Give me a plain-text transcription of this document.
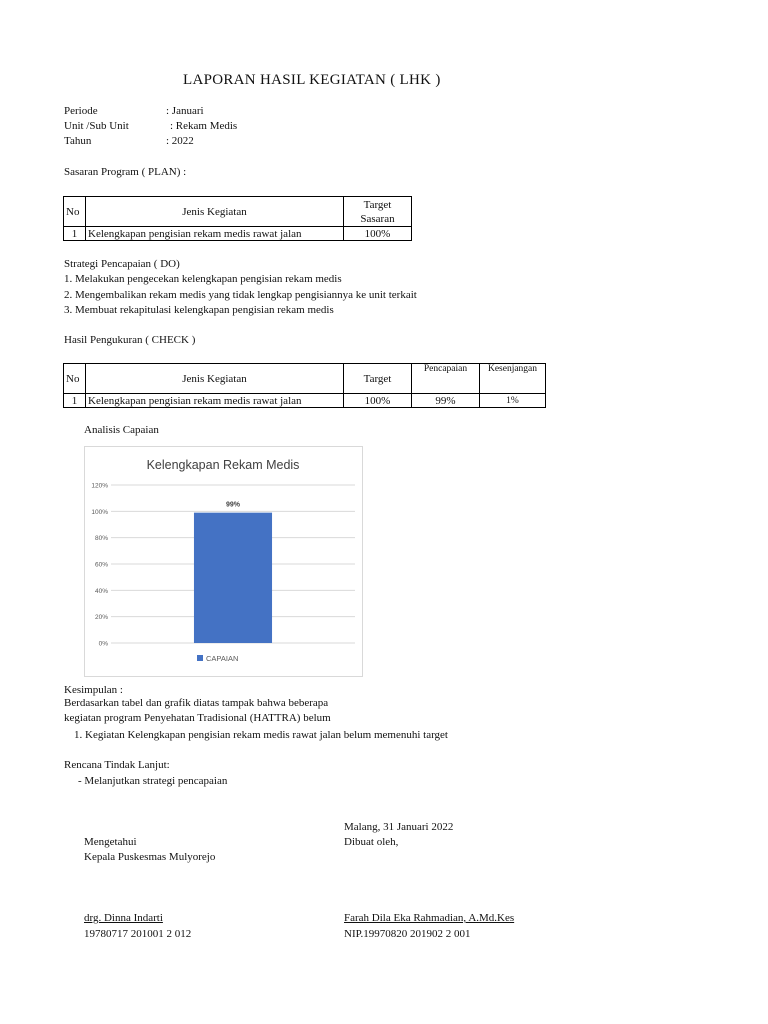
LAPORAN HASIL KEGIATAN ( LHK )
Periode	: Januari
Unit /Sub Unit	: Rekam Medis
Tahun	: 2022
Sasaran Program ( PLAN) :
No	Jenis Kegiatan	Target
Sasaran

1	Kelengkapan pengisian rekam medis rawat jalan	100%
Strategi Pencapaian ( DO)
1. Melakukan pengecekan kelengkapan pengisian rekam medis
2. Mengembalikan rekam medis yang tidak lengkap pengisiannya ke unit terkait
3. Membuat rekapitulasi kelengkapan pengisian rekam medis
Hasil Pengukuran ( CHECK )
No	Jenis Kegiatan	Target	Pencapaian	Kesenjangan
1	Kelengkapan pengisian rekam medis rawat jalan	100%	99%	1%
Analisis Capaian
Kelengkapan Rekam Medis
0%
20%
40%
60%
80%
100%
120%
99%
CAPAIAN
Kesimpulan :
Berdasarkan tabel dan grafik diatas tampak bahwa beberapa
kegiatan program Penyehatan Tradisional (HATTRA) belum
1. Kegiatan Kelengkapan pengisian rekam medis rawat jalan belum memenuhi target
Rencana Tindak Lanjut:
- Melanjutkan strategi pencapaian
Malang, 31 Januari 2022
Dibuat oleh,
Mengetahui
Kepala Puskesmas Mulyorejo
drg. Dinna Indarti
19780717 201001 2 012
Farah Dila Eka Rahmadian, A.Md.Kes
NIP.19970820 201902 2 001
